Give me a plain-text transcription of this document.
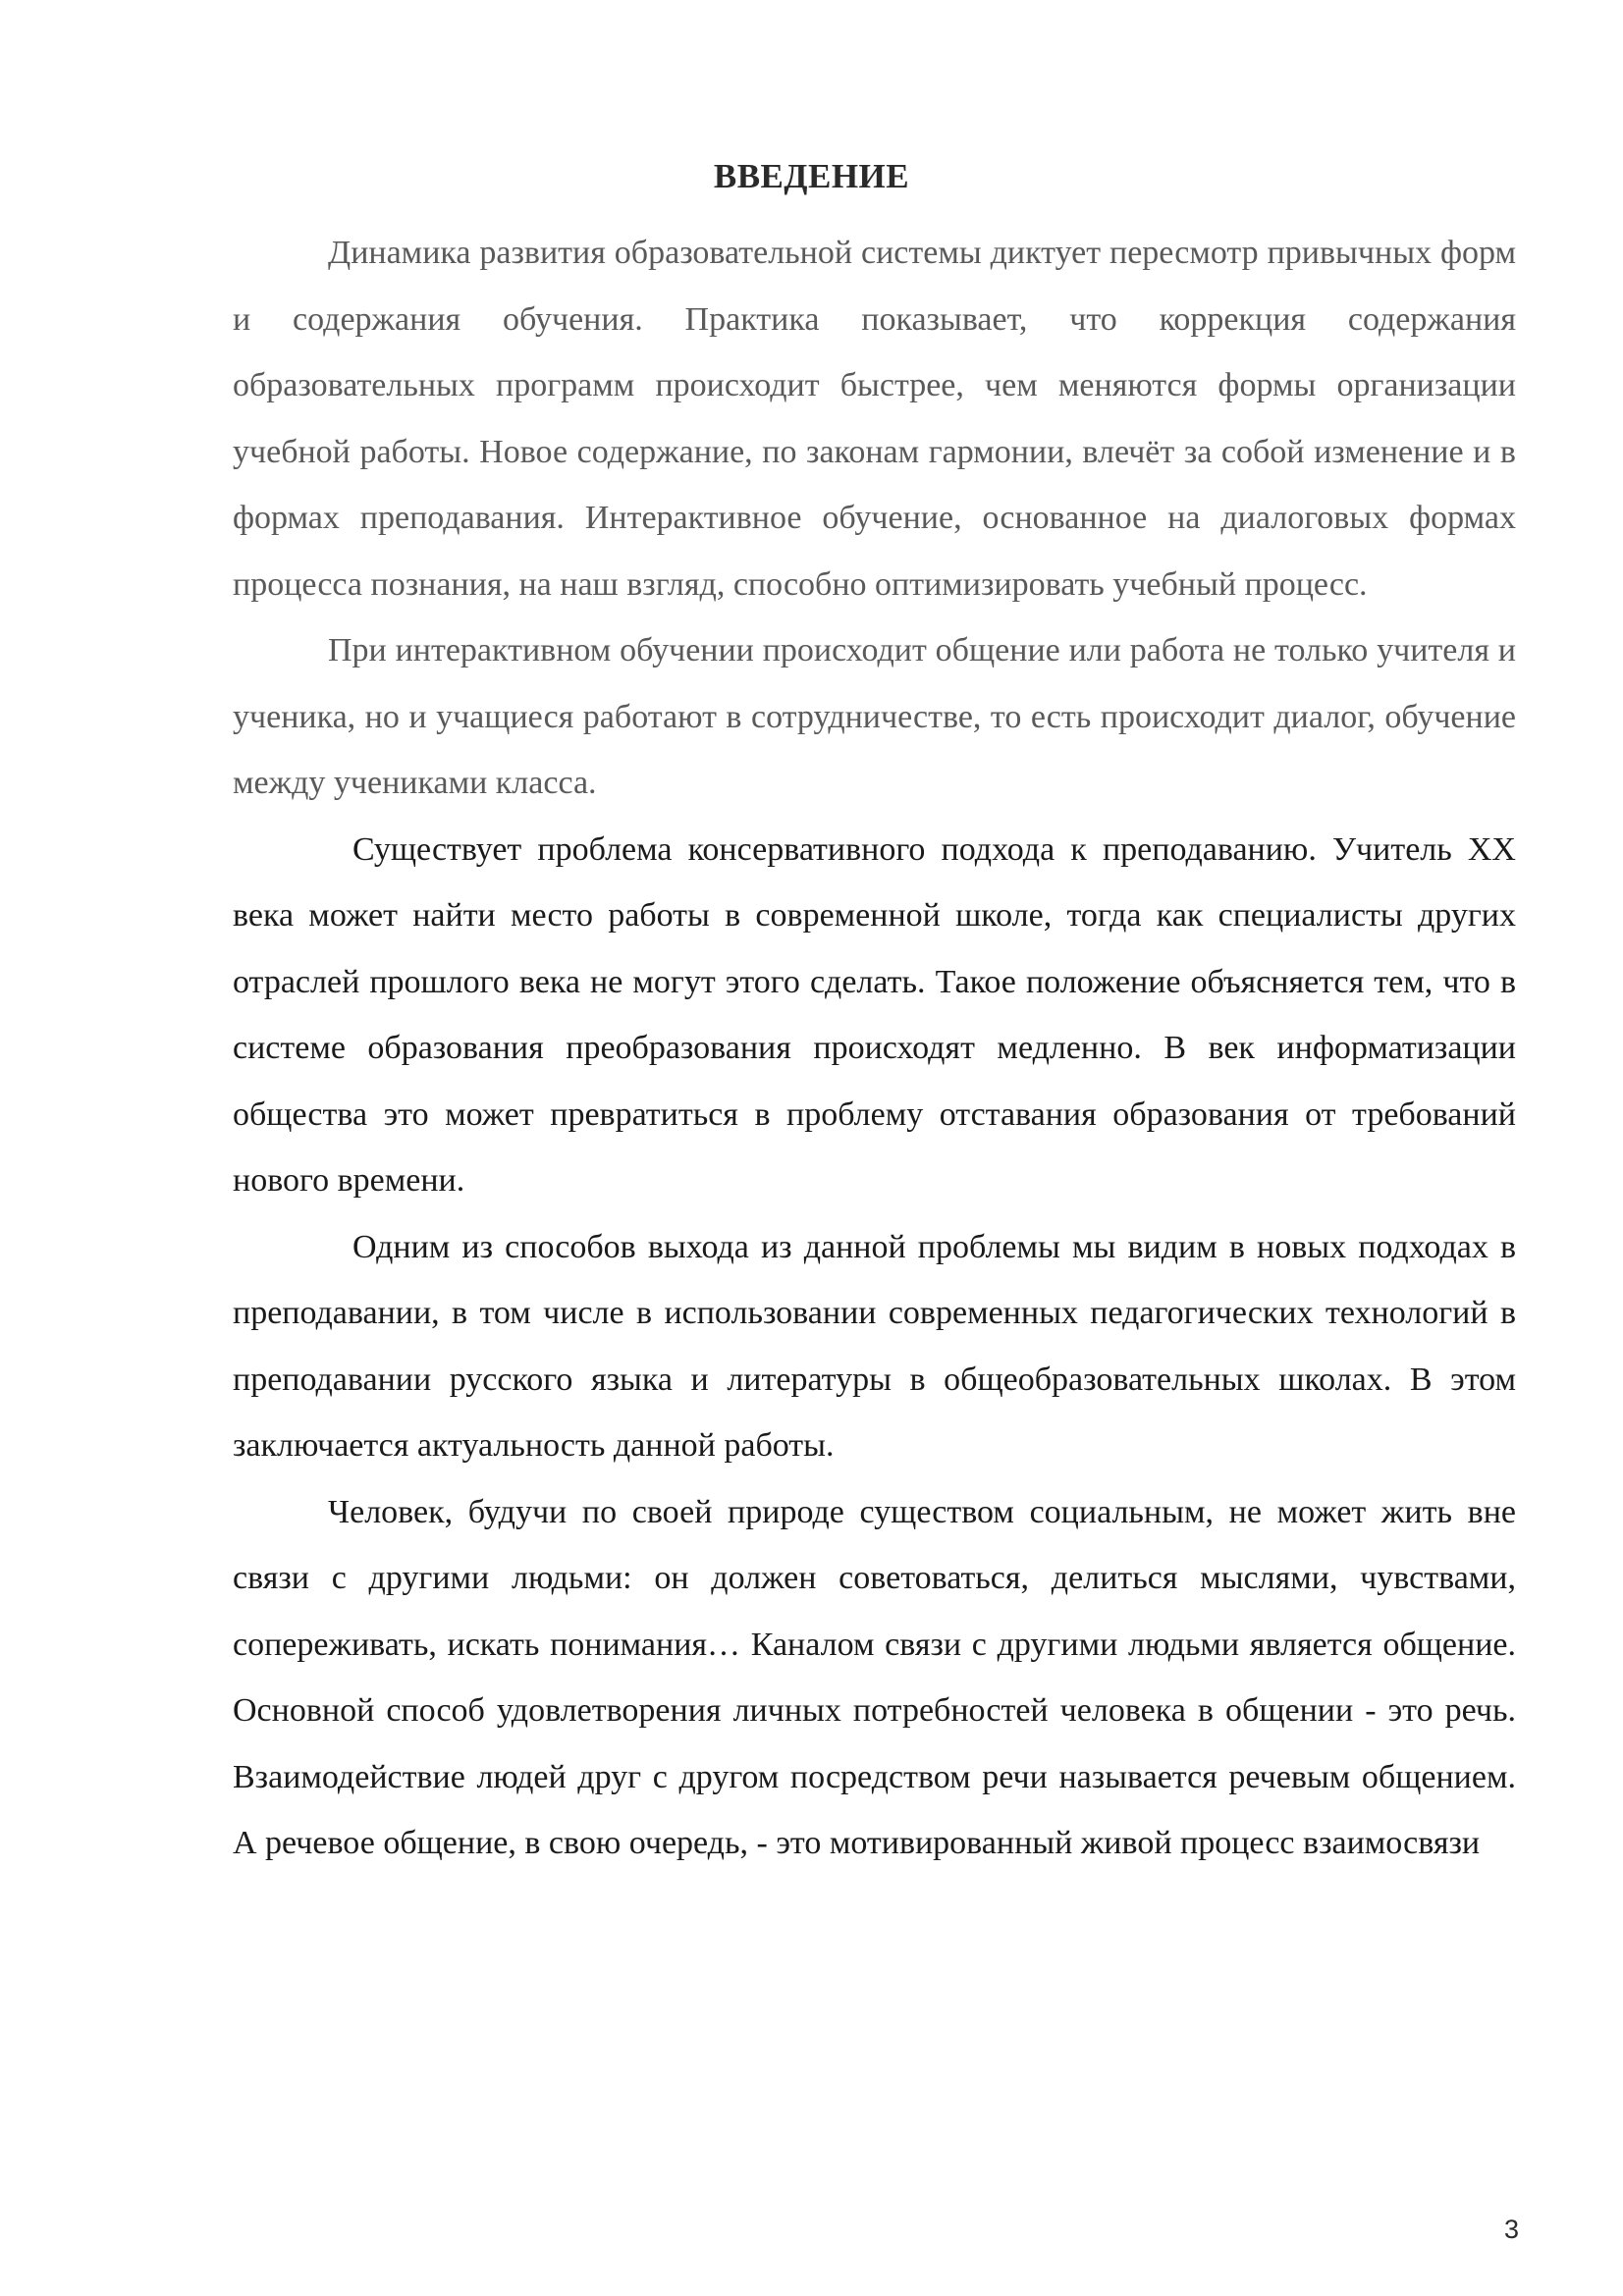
ВВЕДЕНИЕ

Динамика развития образовательной системы диктует пересмотр привычных форм и содержания обучения. Практика показывает, что коррекция содержания образовательных программ происходит быстрее, чем меняются формы организации учебной работы. Новое содержание, по законам гармонии, влечёт за собой изменение и в формах преподавания. Интерактивное обучение, основанное на диалоговых формах процесса познания, на наш взгляд, способно оптимизировать учебный процесс.

При интерактивном обучении происходит общение или работа не только учителя и ученика, но и учащиеся работают в сотрудничестве, то есть происходит диалог, обучение между учениками класса.

Существует проблема консервативного подхода к преподаванию. Учитель XX века может найти место работы в современной школе, тогда как специалисты других отраслей прошлого века не могут этого сделать. Такое положение объясняется тем, что в системе образования преобразования происходят медленно. В век информатизации общества это может превратиться в проблему отставания образования от требований нового времени.

Одним из способов выхода из данной проблемы мы видим в новых подходах в преподавании, в том числе в использовании современных педагогических технологий в преподавании русского языка и литературы в общеобразовательных школах. В этом заключается актуальность данной работы.

Человек, будучи по своей природе существом социальным, не может жить вне связи с другими людьми: он должен советоваться, делиться мыслями, чувствами, сопереживать, искать понимания… Каналом связи с другими людьми является общение. Основной способ удовлетворения личных потребностей человека в общении - это речь. Взаимодействие людей друг с другом посредством речи называется речевым общением. А речевое общение, в свою очередь, - это мотивированный живой процесс взаимосвязи

3
